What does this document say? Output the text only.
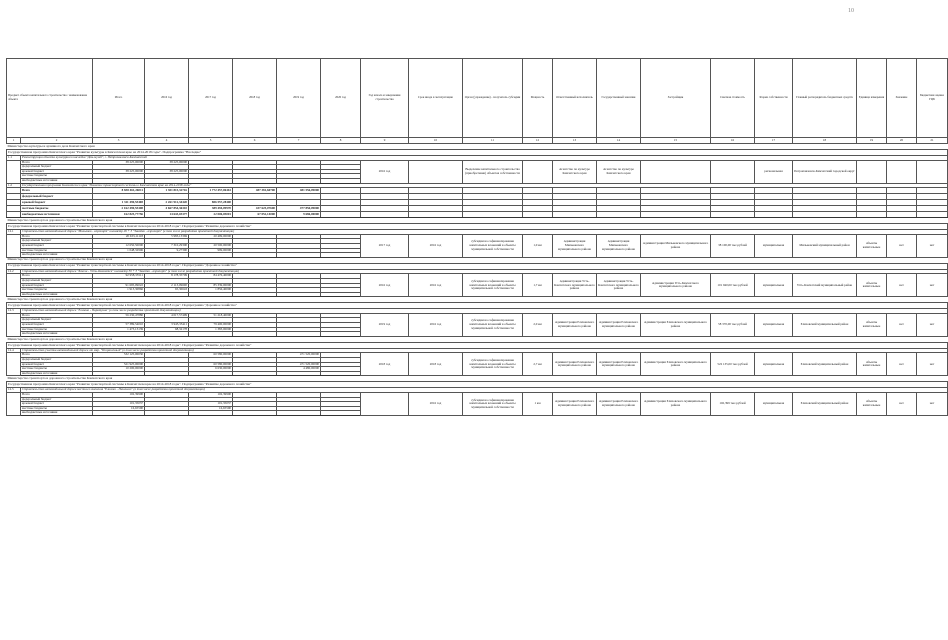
10
Предмет объекта капитального строительства / наименование объекта		Итого	2016 год	2017 год	2018 год	2019 год	2020 год	Год начала и завершения строительства	Срок ввода в эксплуатацию	Орган (учреждение) - получатель субсидии	Мощность	Ответственный исполнитель	Государственный заказчик	Застройщик	Сметная стоимость	Форма собственности	Главный распорядитель бюджетных средств	Единица измерения	Значение	Бюджетная оценка ГЦБ
1	2	3	4	5	6	7	8	9	10	11	12	13	14	15	16	17	18	19	20	21
Министерство культуры и архивного дела Камчатского края																				
Государственная программа Камчатского края "Развитие культуры в Камчатском крае на 2014-2018 годы". Подпрограмма "Наследие"																				
1.1	Реконструкция объекта культурного наследия "Дом-музей", г. Петропавловск-Камчатский																			
	Всего	38 225,00000	38 225,00000					2016 год		Выделение капитального строительства (приобретение) объектов собственности		Агентство по культуре Камчатского края	Агентство по культуре Камчатского края			региональная	Петропавловск-Камчатский городской округ			
	федеральный бюджет																			
	краевой бюджет	38 225,00000	38 225,00000																	
	местные бюджеты																			
	внебюджетные источники																			
1.2	Государственная программа Камчатского края "Развитие транспортной системы в Камчатском крае на 2014-2018 годы"																			
	Всего	8 838 461,26011	1 301 815,32716	1 772 457,06461	487 381,60700	481 556,09000														
	федеральный бюджет																			
	краевой бюджет	1 311 490,55408	2 261 912,34420	806 557,28400																
	местные бюджеты	2 162 490,55408	4 667 854,36310	389 494,09970	437 625,07600	477 850,09000														
	внебюджетные источники	162 825,77756	14 643,03377	22 006,05001	67 052,14000	9 686,00000														
Министерство транспорта и дорожного строительства Камчатского края																				
Государственная программа Камчатского края "Развитие транспортной системы в Камчатском крае на 2014-2018 годы". Подпрограмма "Развитие дорожного хозяйства"																				
12.1	Строительство автомобильной дороги "Мильково - аэропорт" километр 26 + 3 "Завойко - аэропорт" (в том числе разработка проектной документации)																			
	Всего	20 633,11118	5 983,13369	20 499,00000				2017 год	2016 год	субсидии на софинансирование капитальных вложений в объекты муниципальной собственности	1,0 км	Администрация Мильковского муниципального района	Администрация Мильковского муниципального района	Администрация Мильковского муниципального района	38 100,00 тыс.рублей	муниципальная	Мильковский муниципальный район	объекты капитальные	нет	нет
	федеральный бюджет																			
	краевой бюджет	12 650,50000	7 310,29300	20 500,00000																
	местные бюджеты	1 048,32906	9,27390	999,00000																
	внебюджетные источники																			
Министерство транспорта и дорожного строительства Камчатского края																				
Государственная программа Камчатского края "Развитие транспортной системы в Камчатском крае на 2014-2018 годы". Подпрограмма "Дорожное хозяйство"																				
12.2	Строительство автомобильной дороги "Ключи - Усть-Камчатск" километр 30 + 3 "Завойко - аэропорт" (в том числе разработка проектной документации)																			
	Всего	92 958,35511	8 178,35709	84 476,40000				2016 год	2016 год	субсидии на софинансирование капитальных вложений в объекты муниципальной собственности	1,7 км	Администрация Усть-Камчатского муниципального района	Администрация Усть-Камчатского муниципального района	Администрация Усть-Камчатского муниципального района	101 940,00 тыс.рублей	муниципальная	Усть-Камчатский муниципальный район	объекты капитальные	нет	нет
	федеральный бюджет																			
	краевой бюджет	91 695,09022	2 113,09600	85 339,00000																
	местные бюджеты	1 913,30866	65,30643	1 856,40000																
	внебюджетные источники																			
Министерство транспорта и дорожного строительства Камчатского края																				
Государственная программа Камчатского края "Развитие транспортной системы в Камчатском крае на 2014-2018 годы". Подпрограмма "Дорожное хозяйство"																				
12.3	Строительство автомобильной дороги "Елизово - Паратунка" (в том числе разработка проектной документации)																			
	Всего	56 230,47880	4 017,57499	51 218,40000				2019 год	2016 год	субсидии на софинансирование капитальных вложений в объекты муниципальной собственности	2,0 км	Администрация Елизовского муниципального района	Администрация Елизовского муниципального района	Администрация Елизовского муниципального района	58 370,00 тыс.рублей	муниципальная	Елизовский муниципальный район	объекты капитальные	нет	нет
	федеральный бюджет																			
	краевой бюджет	57 389,54010	3 945,35411	79 400,00000																
	местные бюджеты	1 473,13139	68,32178	1 383,00000																
	внебюджетные источники																			
Министерство транспорта и дорожного строительства Камчатского края																				
Государственная программа Камчатского края "Развитие транспортной системы в Камчатском крае на 2014-2018 годы". Подпрограмма "Развитие дорожного хозяйства"																				
12.4	Строительство участка автомобильной дороги от мкр. "Пограничный" (в том числе разработка проектной документации)																			
	Всего	532 125,00030		60 580,00000		471 520,00000		2018 год	2018 год	субсидии на софинансирование капитальных вложений в объекты муниципальной собственности	2,7 км	Администрация Елизовского муниципального района	Администрация Елизовского муниципального района	Администрация Елизовского муниципального района	522 135,00 тыс.рублей	муниципальная	Елизовский муниципальный район	объекты капитальные	нет	нет
	федеральный бюджет																			
	краевой бюджет	521 925,00000		60 580,00000		471 520,00000														
	местные бюджеты	10 200,00000		6 630,00000		4 480,00000														
	внебюджетные источники																			
Министерство транспорта и дорожного строительства Камчатского края																				
Государственная программа Камчатского края "Развитие транспортной системы в Камчатском крае на 2014-2018 годы". Подпрограмма "Развитие дорожного хозяйства"																				
12.5	Строительство автомобильной дороги местного значения "Елизово - Пиначево" (в том числе разработка проектной документации)																			
	Всего	102,39900		102,39900					2016 год	субсидии на софинансирование капитальных вложений в объекты муниципальной собственности	1 км	Администрация Елизовского муниципального района	Администрация Елизовского муниципального района	Администрация Елизовского муниципального района	102,399 тыс.рублей	муниципальная	Елизовский муниципальный район	объекты капитальные	нет	нет
	федеральный бюджет																			
	краевой бюджет	101,35037		101,35037																
	местные бюджеты	16,65590		16,65590																
	внебюджетные источники																			
